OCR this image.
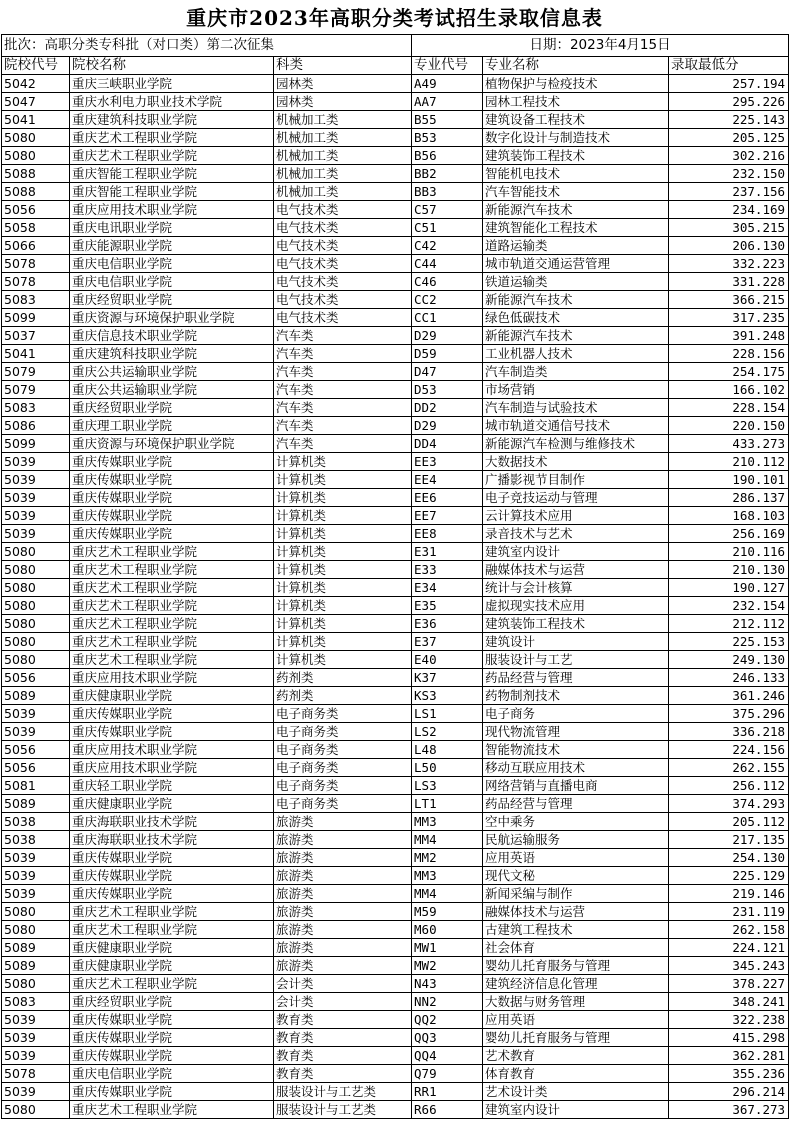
重庆市2023年高职分类考试招生录取信息表
批次：高职分类专科批（对口类）第二次征集			日期：2023年4月15日		
院校代号	院校名称	科类	专业代号	专业名称	录取最低分
5042	重庆三峡职业学院	园林类	A49	植物保护与检疫技术	257.194
5047	重庆水利电力职业技术学院	园林类	AA7	园林工程技术	295.226
5041	重庆建筑科技职业学院	机械加工类	B55	建筑设备工程技术	225.143
5080	重庆艺术工程职业学院	机械加工类	B53	数字化设计与制造技术	205.125
5080	重庆艺术工程职业学院	机械加工类	B56	建筑装饰工程技术	302.216
5088	重庆智能工程职业学院	机械加工类	BB2	智能机电技术	232.150
5088	重庆智能工程职业学院	机械加工类	BB3	汽车智能技术	237.156
5056	重庆应用技术职业学院	电气技术类	C57	新能源汽车技术	234.169
5058	重庆电讯职业学院	电气技术类	C51	建筑智能化工程技术	305.215
5066	重庆能源职业学院	电气技术类	C42	道路运输类	206.130
5078	重庆电信职业学院	电气技术类	C44	城市轨道交通运营管理	332.223
5078	重庆电信职业学院	电气技术类	C46	铁道运输类	331.228
5083	重庆经贸职业学院	电气技术类	CC2	新能源汽车技术	366.215
5099	重庆资源与环境保护职业学院	电气技术类	CC1	绿色低碳技术	317.235
5037	重庆信息技术职业学院	汽车类	D29	新能源汽车技术	391.248
5041	重庆建筑科技职业学院	汽车类	D59	工业机器人技术	228.156
5079	重庆公共运输职业学院	汽车类	D47	汽车制造类	254.175
5079	重庆公共运输职业学院	汽车类	D53	市场营销	166.102
5083	重庆经贸职业学院	汽车类	DD2	汽车制造与试验技术	228.154
5086	重庆理工职业学院	汽车类	D29	城市轨道交通信号技术	220.150
5099	重庆资源与环境保护职业学院	汽车类	DD4	新能源汽车检测与维修技术	433.273
5039	重庆传媒职业学院	计算机类	EE3	大数据技术	210.112
5039	重庆传媒职业学院	计算机类	EE4	广播影视节目制作	190.101
5039	重庆传媒职业学院	计算机类	EE6	电子竞技运动与管理	286.137
5039	重庆传媒职业学院	计算机类	EE7	云计算技术应用	168.103
5039	重庆传媒职业学院	计算机类	EE8	录音技术与艺术	256.169
5080	重庆艺术工程职业学院	计算机类	E31	建筑室内设计	210.116
5080	重庆艺术工程职业学院	计算机类	E33	融媒体技术与运营	210.130
5080	重庆艺术工程职业学院	计算机类	E34	统计与会计核算	190.127
5080	重庆艺术工程职业学院	计算机类	E35	虚拟现实技术应用	232.154
5080	重庆艺术工程职业学院	计算机类	E36	建筑装饰工程技术	212.112
5080	重庆艺术工程职业学院	计算机类	E37	建筑设计	225.153
5080	重庆艺术工程职业学院	计算机类	E40	服装设计与工艺	249.130
5056	重庆应用技术职业学院	药剂类	K37	药品经营与管理	246.133
5089	重庆健康职业学院	药剂类	KS3	药物制剂技术	361.246
5039	重庆传媒职业学院	电子商务类	LS1	电子商务	375.296
5039	重庆传媒职业学院	电子商务类	LS2	现代物流管理	336.218
5056	重庆应用技术职业学院	电子商务类	L48	智能物流技术	224.156
5056	重庆应用技术职业学院	电子商务类	L50	移动互联应用技术	262.155
5081	重庆轻工职业学院	电子商务类	LS3	网络营销与直播电商	256.112
5089	重庆健康职业学院	电子商务类	LT1	药品经营与管理	374.293
5038	重庆海联职业技术学院	旅游类	MM3	空中乘务	205.112
5038	重庆海联职业技术学院	旅游类	MM4	民航运输服务	217.135
5039	重庆传媒职业学院	旅游类	MM2	应用英语	254.130
5039	重庆传媒职业学院	旅游类	MM3	现代文秘	225.129
5039	重庆传媒职业学院	旅游类	MM4	新闻采编与制作	219.146
5080	重庆艺术工程职业学院	旅游类	M59	融媒体技术与运营	231.119
5080	重庆艺术工程职业学院	旅游类	M60	古建筑工程技术	262.158
5089	重庆健康职业学院	旅游类	MW1	社会体育	224.121
5089	重庆健康职业学院	旅游类	MW2	婴幼儿托育服务与管理	345.243
5080	重庆艺术工程职业学院	会计类	N43	建筑经济信息化管理	378.227
5083	重庆经贸职业学院	会计类	NN2	大数据与财务管理	348.241
5039	重庆传媒职业学院	教育类	QQ2	应用英语	322.238
5039	重庆传媒职业学院	教育类	QQ3	婴幼儿托育服务与管理	415.298
5039	重庆传媒职业学院	教育类	QQ4	艺术教育	362.281
5078	重庆电信职业学院	教育类	Q79	体育教育	355.236
5039	重庆传媒职业学院	服装设计与工艺类	RR1	艺术设计类	296.214
5080	重庆艺术工程职业学院	服装设计与工艺类	R66	建筑室内设计	367.273
